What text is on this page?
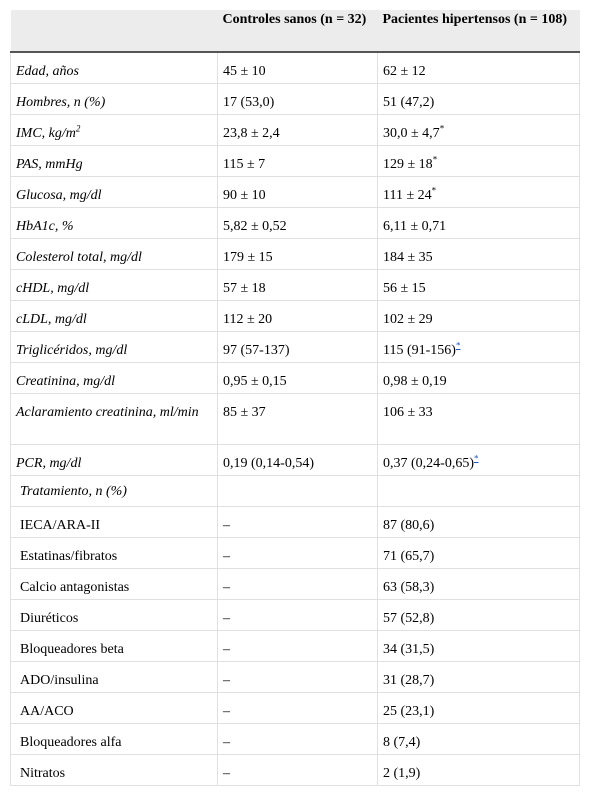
	Controles sanos (n = 32)	Pacientes hipertensos (n = 108)
Edad, años	45 ± 10	62 ± 12
Hombres, n (%)	17 (53,0)	51 (47,2)
IMC, $kg/m^2$	23,8 ± 2,4	30,0 ± 4,7*
PAS, mmHg	115 ± 7	129 ± 18*
Glucosa, mg/dl	90 ± 10	111 ± 24*
HbA1c, %	5,82 ± 0,52	6,11 ± 0,71
Colesterol total, mg/dl	179 ± 15	184 ± 35
cHDL, mg/dl	57 ± 18	56 ± 15
cLDL, mg/dl	112 ± 20	102 ± 29
Triglicéridos, mg/dl	97 (57-137)	115 (91-156)*
Creatinina, mg/dl	0,95 ± 0,15	0,98 ± 0,19
Aclaramiento creatinina, ml/min	85 ± 37	106 ± 33
PCR, mg/dl	0,19 (0,14-0,54)	0,37 (0,24-0,65)*
Tratamiento, n (%)		
IECA/ARA-II	–	87 (80,6)
Estatinas/fibratos	–	71 (65,7)
Calcio antagonistas	–	63 (58,3)
Diuréticos	–	57 (52,8)
Bloqueadores beta	–	34 (31,5)
ADO/insulina	–	31 (28,7)
AA/ACO	–	25 (23,1)
Bloqueadores alfa	–	8 (7,4)
Nitratos	–	2 (1,9)
